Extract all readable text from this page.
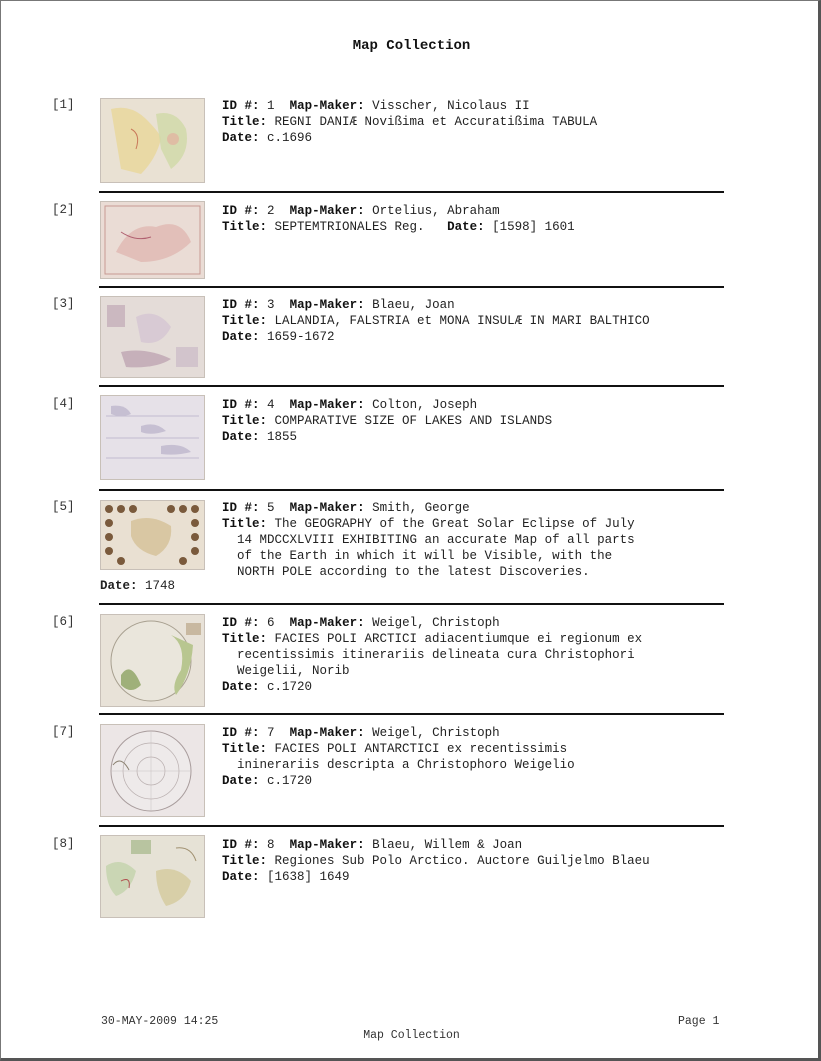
Map Collection
[1]	ID #: 1 Map-Maker: Visscher, Nicolaus II
Title: REGNI DANIÆ Novißima et Accuratißima TABULA
Date: c.1696
[2]	ID #: 2 Map-Maker: Ortelius, Abraham
Title: SEPTEMTRIONALES Reg. Date: [1598] 1601
[3]	ID #: 3 Map-Maker: Blaeu, Joan
Title: LALANDIA, FALSTRIA et MONA INSULÆ IN MARI BALTHICO
Date: 1659-1672
[4]	ID #: 4 Map-Maker: Colton, Joseph
Title: COMPARATIVE SIZE OF LAKES AND ISLANDS
Date: 1855
[5]	ID #: 5 Map-Maker: Smith, George
Title: The GEOGRAPHY of the Great Solar Eclipse of July
14 MDCCXLVIII EXHIBITING an accurate Map of all parts
of the Earth in which it will be Visible, with the
NORTH POLE according to the latest Discoveries.
Date: 1748
[6]	ID #: 6 Map-Maker: Weigel, Christoph
Title: FACIES POLI ARCTICI adiacentiumque ei regionum ex
recentissimis itinerariis delineata cura Christophori
Weigelii, Norib
Date: c.1720
[7]	ID #: 7 Map-Maker: Weigel, Christoph
Title: FACIES POLI ANTARCTICI ex recentissimis
ininerariis descripta a Christophoro Weigelio
Date: c.1720
[8]	ID #: 8 Map-Maker: Blaeu, Willem & Joan
Title: Regiones Sub Polo Arctico. Auctore Guiljelmo Blaeu
Date: [1638] 1649
30-MAY-2009 14:25	Page 1
Map Collection
